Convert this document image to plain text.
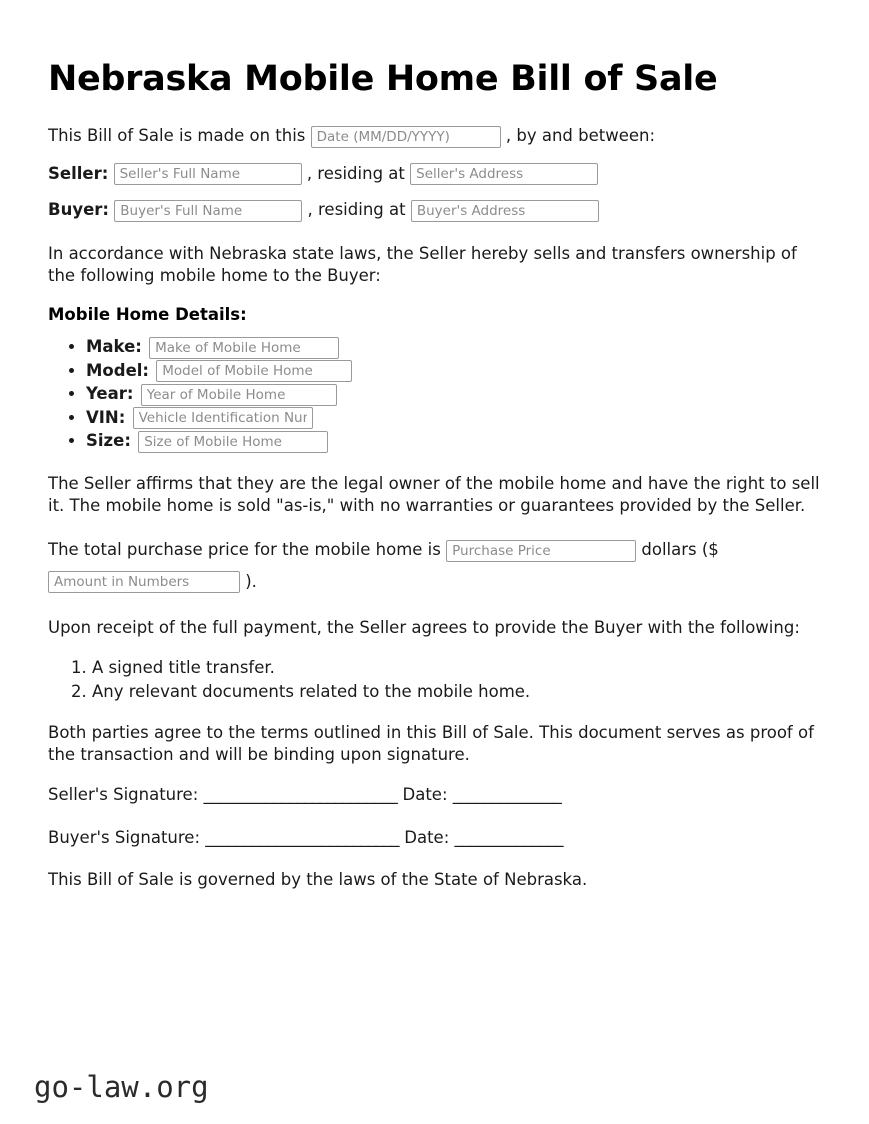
Nebraska Mobile Home Bill of Sale

This Bill of Sale is made on this Date (MM/DD/YYYY)	, by and between:

Seller: Seller's Full Name	, residing at Seller's Address
Buyer: Buyer's Full Name	, residing at Buyer's Address

In accordance with Nebraska state laws, the Seller hereby sells and transfers ownership of the following mobile home to the Buyer:

Mobile Home Details:
• Make: Make of Mobile Home
• Model: Model of Mobile Home
• Year: Year of Mobile Home
• VIN: Vehicle Identification Num
• Size: Size of Mobile Home

The Seller affirms that they are the legal owner of the mobile home and have the right to sell it. The mobile home is sold "as-is," with no warranties or guarantees provided by the Seller.

The total purchase price for the mobile home is Purchase Price	dollars ($ Amount in Numbers ).

Upon receipt of the full payment, the Seller agrees to provide the Buyer with the following:

1. A signed title transfer.
2. Any relevant documents related to the mobile home.

Both parties agree to the terms outlined in this Bill of Sale. This document serves as proof of the transaction and will be binding upon signature.

Seller's Signature: _________________________ Date: ______________
Buyer's Signature: _________________________ Date: ______________

This Bill of Sale is governed by the laws of the State of Nebraska.

go-law.org
